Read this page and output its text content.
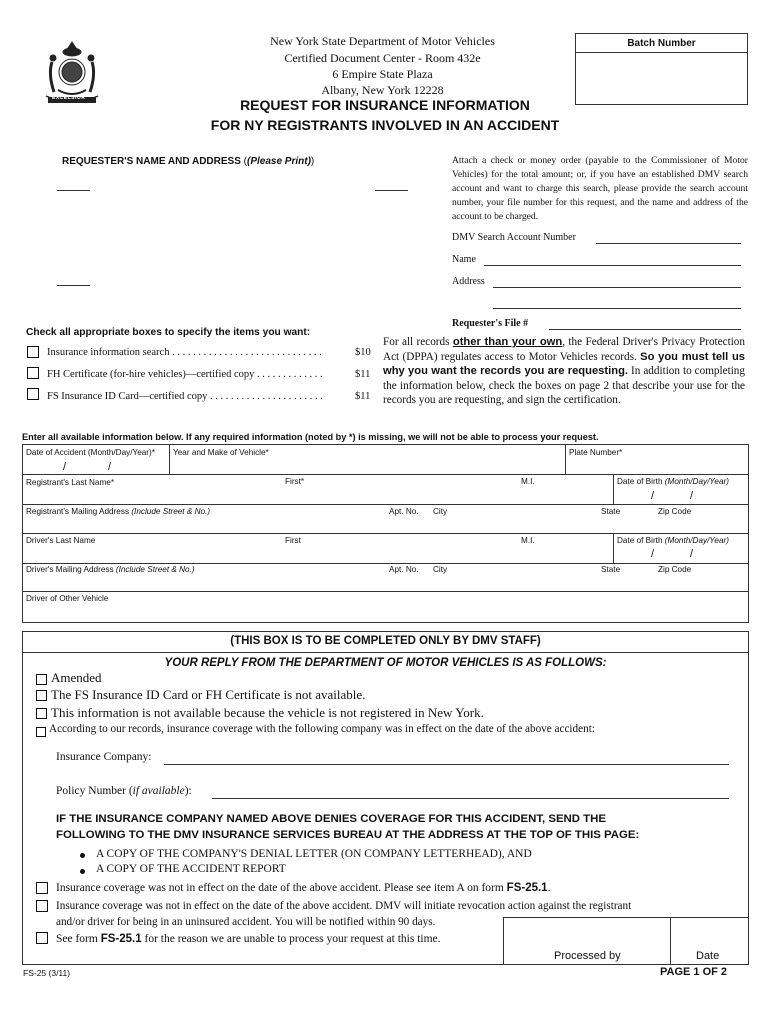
EXCELSIOR
New York State Department of Motor Vehicles
Certified Document Center - Room 432e
6 Empire State Plaza
Albany, New York 12228
Batch Number
REQUEST FOR INSURANCE INFORMATION
FOR NY REGISTRANTS INVOLVED IN AN ACCIDENT
REQUESTER'S NAME AND ADDRESS ((Please Print))	Attach a check or money order (payable to the Commissioner of Motor Vehicles) for the total amount; or, if you have an established DMV search account and want to charge this search, please provide the search account number, your file number for this request, and the name and address of the account to be charged.
DMV Search Account Number
Name
Address
Requester's File #
Check all appropriate boxes to specify the items you want:
Insurance information search . . . . . . . . . . . . . . . . . . . . . . . . . . . . .	$10
FH Certificate (for-hire vehicles)—certified copy . . . . . . . . . . . . .	$11
FS Insurance ID Card—certified copy . . . . . . . . . . . . . . . . . . . . . .	$11
For all records other than your own, the Federal Driver's Privacy Protection Act (DPPA) regulates access to Motor Vehicles records. So you must tell us why you want the records you are requesting. In addition to completing the information below, check the boxes on page 2 that describe your use for the records you are requesting, and sign the certification.
Enter all available information below. If any required information (noted by *) is missing, we will not be able to process your request.
Date of Accident (Month/Day/Year)* Year and Make of Vehicle*	Plate Number*
/	/
Registrant's Last Name*	First*	M.I.	Date of Birth (Month/Day/Year)
/	/
Registrant's Mailing Address (Include Street & No.)	Apt. No. City	State	Zip Code
Driver's Last Name	First	M.I.	Date of Birth (Month/Day/Year)
/	/
Driver's Mailing Address (Include Street & No.)	Apt. No. City	State	Zip Code
Driver of Other Vehicle
(THIS BOX IS TO BE COMPLETED ONLY BY DMV STAFF)
YOUR REPLY FROM THE DEPARTMENT OF MOTOR VEHICLES IS AS FOLLOWS:
Amended
The FS Insurance ID Card or FH Certificate is not available.
This information is not available because the vehicle is not registered in New York.
According to our records, insurance coverage with the following company was in effect on the date of the above accident:
Insurance Company:
Policy Number (if available):
IF THE INSURANCE COMPANY NAMED ABOVE DENIES COVERAGE FOR THIS ACCIDENT, SEND THE
FOLLOWING TO THE DMV INSURANCE SERVICES BUREAU AT THE ADDRESS AT THE TOP OF THIS PAGE:
A COPY OF THE COMPANY'S DENIAL LETTER (ON COMPANY LETTERHEAD), AND
A COPY OF THE ACCIDENT REPORT
Insurance coverage was not in effect on the date of the above accident. Please see item A on form FS-25.1.
Insurance coverage was not in effect on the date of the above accident. DMV will initiate revocation action against the registrant
and/or driver for being in an uninsured accident. You will be notified within 90 days.
See form FS-25.1 for the reason we are unable to process your request at this time.
Processed by	Date
FS-25 (3/11)	PAGE 1 OF 2
